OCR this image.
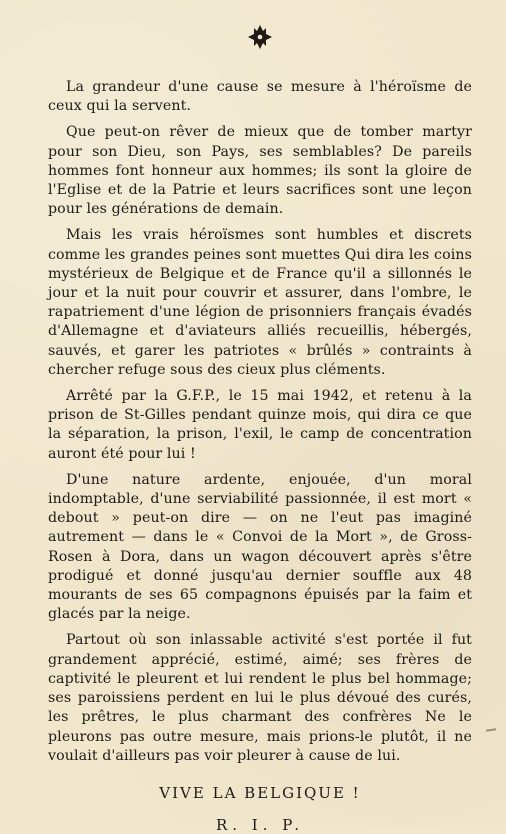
La grandeur d'une cause se mesure à l'héroïsme de ceux qui la servent.

Que peut-on rêver de mieux que de tomber martyr pour son Dieu, son Pays, ses semblables? De pareils hommes font honneur aux hommes; ils sont la gloire de l'Eglise et de la Patrie et leurs sacrifices sont une leçon pour les générations de demain.

Mais les vrais héroïsmes sont humbles et discrets comme les grandes peines sont muettes Qui dira les coins mystérieux de Belgique et de France qu'il a sillonnés le jour et la nuit pour couvrir et assurer, dans l'ombre, le rapatriement d'une légion de prisonniers français évadés d'Allemagne et d'aviateurs alliés recueillis, hébergés, sauvés, et garer les patriotes « brûlés » contraints à chercher refuge sous des cieux plus cléments.

Arrêté par la G.F.P., le 15 mai 1942, et retenu à la prison de St-Gilles pendant quinze mois, qui dira ce que la séparation, la prison, l'exil, le camp de concentration auront été pour lui !

D'une nature ardente, enjouée, d'un moral indomptable, d'une serviabilité passionnée, il est mort « debout » peut-on dire — on ne l'eut pas imaginé autrement — dans le « Convoi de la Mort », de Gross-Rosen à Dora, dans un wagon découvert après s'être prodigué et donné jusqu'au dernier souffle aux 48 mourants de ses 65 compagnons épuisés par la faim et glacés par la neige.

Partout où son inlassable activité s'est portée il fut grandement apprécié, estimé, aimé; ses frères de captivité le pleurent et lui rendent le plus bel hommage; ses paroissiens perdent en lui le plus dévoué des curés, les prêtres, le plus charmant des confrères Ne le pleurons pas outre mesure, mais prions-le plutôt, il ne voulait d'ailleurs pas voir pleurer à cause de lui.

VIVE LA BELGIQUE !
R. I. P.
